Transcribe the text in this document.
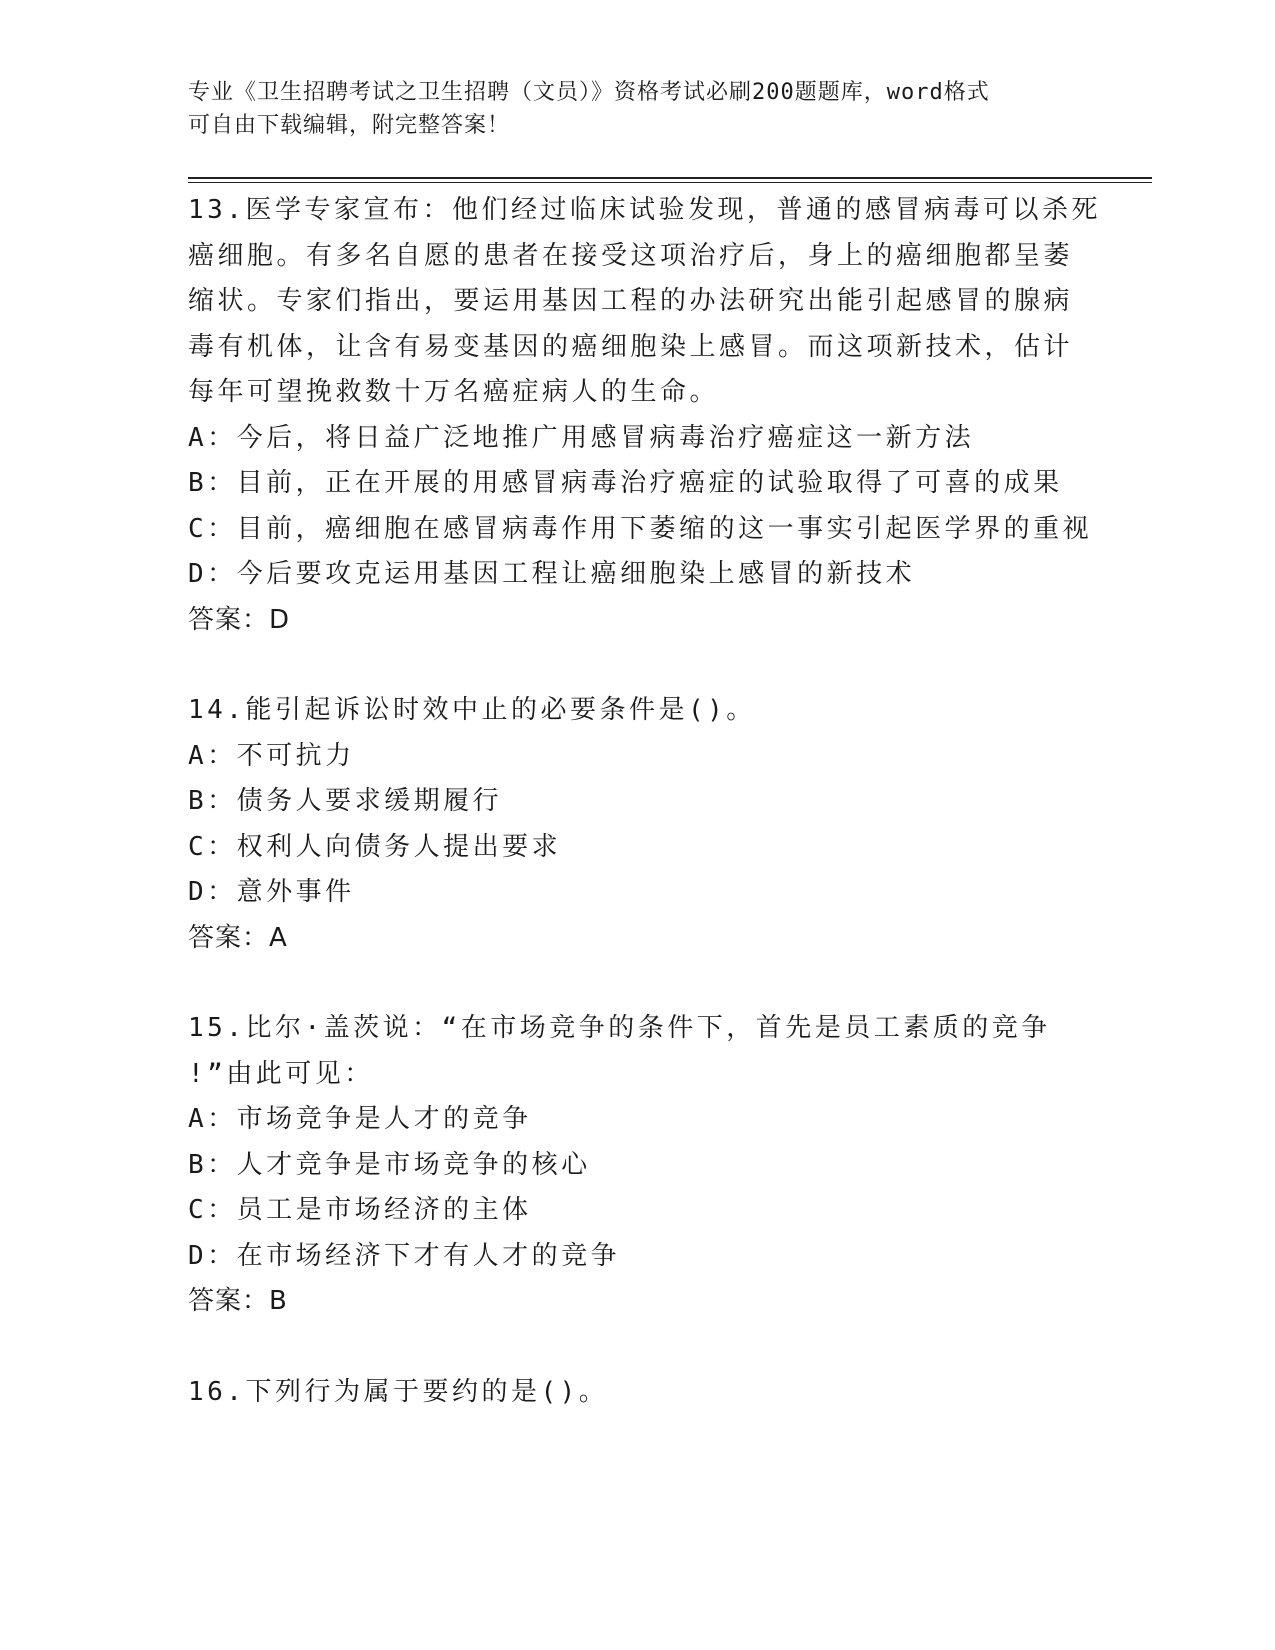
专业《卫生招聘考试之卫生招聘（文员）》资格考试必刷200题题库，word格式
可自由下载编辑，附完整答案！
13.医学专家宣布：他们经过临床试验发现，普通的感冒病毒可以杀死
癌细胞。有多名自愿的患者在接受这项治疗后，身上的癌细胞都呈萎
缩状。专家们指出，要运用基因工程的办法研究出能引起感冒的腺病
毒有机体，让含有易变基因的癌细胞染上感冒。而这项新技术，估计
每年可望挽救数十万名癌症病人的生命。
A：今后，将日益广泛地推广用感冒病毒治疗癌症这一新方法
B：目前，正在开展的用感冒病毒治疗癌症的试验取得了可喜的成果
C：目前，癌细胞在感冒病毒作用下萎缩的这一事实引起医学界的重视
D：今后要攻克运用基因工程让癌细胞染上感冒的新技术
答案：D
14.能引起诉讼时效中止的必要条件是()。
A：不可抗力
B：债务人要求缓期履行
C：权利人向债务人提出要求
D：意外事件
答案：A
15.比尔·盖茨说：“在市场竞争的条件下，首先是员工素质的竞争
!”由此可见：
A：市场竞争是人才的竞争
B：人才竞争是市场竞争的核心
C：员工是市场经济的主体
D：在市场经济下才有人才的竞争
答案：B
16.下列行为属于要约的是()。
